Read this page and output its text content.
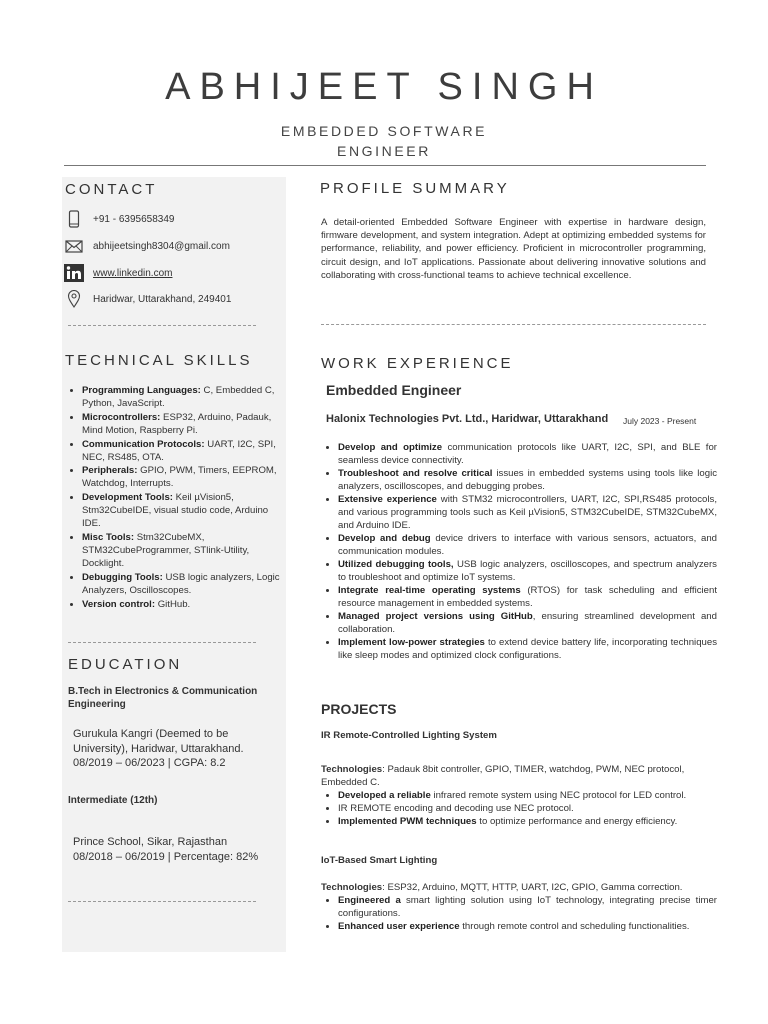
ABHIJEET SINGH
EMBEDDED SOFTWARE ENGINEER
CONTACT
+91 - 6395658349
abhijeetsingh8304@gmail.com
www.linkedin.com
Haridwar, Uttarakhand, 249401
TECHNICAL SKILLS
• Programming Languages: C, Embedded C, Python, JavaScript.
• Microcontrollers: ESP32, Arduino, Padauk, Mind Motion, Raspberry Pi.
• Communication Protocols: UART, I2C, SPI, NEC, RS485, OTA.
• Peripherals: GPIO, PWM, Timers, EEPROM, Watchdog, Interrupts.
• Development Tools: Keil µVision5, Stm32CubeIDE, visual studio code, Arduino IDE.
• Misc Tools: Stm32CubeMX, STM32CubeProgrammer, STlink-Utility, Docklight.
• Debugging Tools: USB logic analyzers, Logic Analyzers, Oscilloscopes.
• Version control: GitHub.
EDUCATION
B.Tech in Electronics & Communication Engineering
Gurukula Kangri (Deemed to be University), Haridwar, Uttarakhand.
08/2019 – 06/2023 | CGPA: 8.2
Intermediate (12th)
Prince School, Sikar, Rajasthan
08/2018 – 06/2019 | Percentage: 82%
PROFILE SUMMARY

A detail-oriented Embedded Software Engineer with expertise in hardware design, firmware development, and system integration. Adept at optimizing embedded systems for performance, reliability, and power efficiency. Proficient in microcontroller programming, circuit design, and IoT applications. Passionate about delivering innovative solutions and collaborating with cross-functional teams to achieve technical excellence.

WORK EXPERIENCE
Embedded Engineer
Halonix Technologies Pvt. Ltd., Haridwar, Uttarakhand July 2023 - Present
• Develop and optimize communication protocols like UART, I2C, SPI, and BLE for seamless device connectivity.
• Troubleshoot and resolve critical issues in embedded systems using tools like logic analyzers, oscilloscopes, and debugging probes.
• Extensive experience with STM32 microcontrollers, UART, I2C, SPI,RS485 protocols, and various programming tools such as Keil µVision5, STM32CubeIDE, STM32CubeMX, and Arduino IDE.
• Develop and debug device drivers to interface with various sensors, actuators, and communication modules.
• Utilized debugging tools, USB logic analyzers, oscilloscopes, and spectrum analyzers to troubleshoot and optimize IoT systems.
• Integrate real-time operating systems (RTOS) for task scheduling and efficient resource management in embedded systems.
• Managed project versions using GitHub, ensuring streamlined development and collaboration.
• Implement low-power strategies to extend device battery life, incorporating techniques like sleep modes and optimized clock configurations.
PROJECTS
IR Remote-Controlled Lighting System
Technologies: Padauk 8bit controller, GPIO, TIMER, watchdog, PWM, NEC protocol, Embedded C.
• Developed a reliable infrared remote system using NEC protocol for LED control.
• IR REMOTE encoding and decoding use NEC protocol.
• Implemented PWM techniques to optimize performance and energy efficiency.
IoT-Based Smart Lighting
Technologies: ESP32, Arduino, MQTT, HTTP, UART, I2C, GPIO, Gamma correction.
• Engineered a smart lighting solution using IoT technology, integrating precise timer configurations.
• Enhanced user experience through remote control and scheduling functionalities.
